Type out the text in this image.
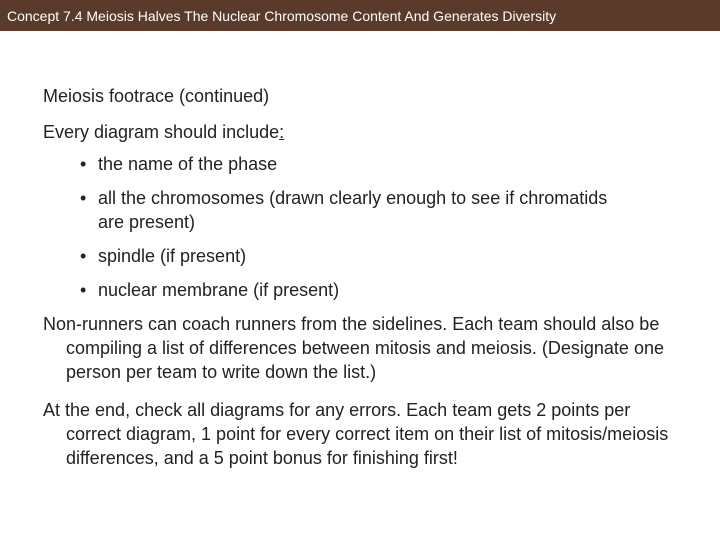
Concept 7.4 Meiosis Halves The Nuclear Chromosome Content And Generates Diversity

Meiosis footrace (continued)

Every diagram should include:

• the name of the phase
• all the chromosomes (drawn clearly enough to see if chromatids are present)
• spindle (if present)
• nuclear membrane (if present)

Non-runners can coach runners from the sidelines. Each team should also be compiling a list of differences between mitosis and meiosis. (Designate one person per team to write down the list.)

At the end, check all diagrams for any errors. Each team gets 2 points per correct diagram, 1 point for every correct item on their list of mitosis/meiosis differences, and a 5 point bonus for finishing first!
